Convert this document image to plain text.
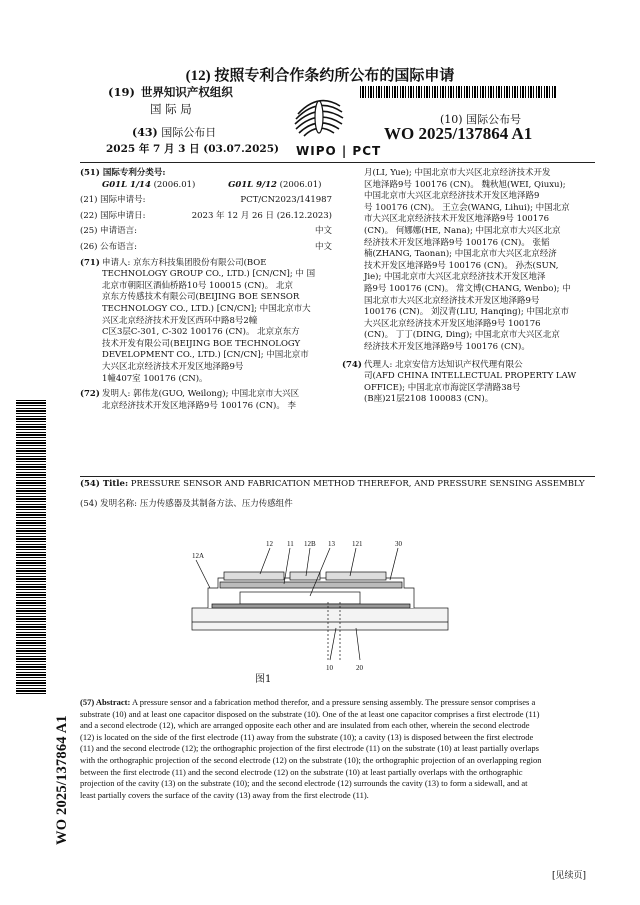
(12) 按照专利合作条约所公布的国际申请
(19) 世界知识产权组织
国 际 局
(43) 国际公布日
2025 年 7 月 3 日 (03.07.2025) WIPO | PCT
(10) 国际公布号
WO 2025/137864 A1
(51) 国际专利分类号:
G01L 1/14 (2006.01)	G01L 9/12 (2006.01)
(21) 国际申请号:	PCT/CN2023/141987
(22) 国际申请日:	2023 年 12 月 26 日 (26.12.2023)
(25) 申请语言:	中文
(26) 公布语言:	中文
(71) 申请人: 京东方科技集团股份有限公司(BOE
TECHNOLOGY GROUP CO., LTD.) [CN/CN]; 中 国
北京市朝阳区酒仙桥路10号 100015 (CN)。 北京
京东方传感技术有限公司(BEIJING BOE SENSOR
TECHNOLOGY CO., LTD.) [CN/CN]; 中国北京市大
兴区北京经济技术开发区西环中路8号2幢
C区3层C-301, C-302 100176 (CN)。 北京京东方
技术开发有限公司(BEIJING BOE TECHNOLOGY
DEVELOPMENT CO., LTD.) [CN/CN]; 中国北京市
大兴区北京经济技术开发区地泽路9号
1幢407室 100176 (CN)。
(72) 发明人: 郭伟龙(GUO, Weilong); 中国北京市大兴区
北京经济技术开发区地泽路9号 100176 (CN)。 李
月(LI, Yue); 中国北京市大兴区北京经济技术开发
区地泽路9号 100176 (CN)。 魏秋旭(WEI, Qiuxu);
中国北京市大兴区北京经济技术开发区地泽路9
号 100176 (CN)。 王立会(WANG, Lihui); 中国北京
市大兴区北京经济技术开发区地泽路9号 100176
(CN)。 何娜娜(HE, Nana); 中国北京市大兴区北京
经济技术开发区地泽路9号 100176 (CN)。 张韬
楠(ZHANG, Taonan); 中国北京市大兴区北京经济
技术开发区地泽路9号 100176 (CN)。 孙杰(SUN,
Jie); 中国北京市大兴区北京经济技术开发区地泽
路9号 100176 (CN)。 常文博(CHANG, Wenbo); 中
国北京市大兴区北京经济技术开发区地泽路9号
100176 (CN)。 刘汉青(LIU, Hanqing); 中国北京市
大兴区北京经济技术开发区地泽路9号 100176
(CN)。 丁丁(DING, Ding); 中国北京市大兴区北京
经济技术开发区地泽路9号 100176 (CN)。
(74) 代理人: 北京安信方达知识产权代理有限公
司(AFD CHINA INTELLECTUAL PROPERTY LAW
OFFICE); 中国北京市海淀区学清路38号
(B座)21层2108 100083 (CN)。
WO 2025/137864 A1
(54) Title: PRESSURE SENSOR AND FABRICATION METHOD THEREFOR, AND PRESSURE SENSING ASSEMBLY
(54) 发明名称: 压力传感器及其制备方法、压力传感组件
12A
12 11 12B 13 121	30
10	20
图1
(57) Abstract: A pressure sensor and a fabrication method therefor, and a pressure sensing assembly. The pressure sensor comprises a
substrate (10) and at least one capacitor disposed on the substrate (10). One of the at least one capacitor comprises a first electrode (11)
and a second electrode (12), which are arranged opposite each other and are insulated from each other, wherein the second electrode
(12) is located on the side of the first electrode (11) away from the substrate (10); a cavity (13) is disposed between the first electrode
(11) and the second electrode (12); the orthographic projection of the first electrode (11) on the substrate (10) at least partially overlaps
with the orthographic projection of the second electrode (12) on the substrate (10); the orthographic projection of an overlapping region
between the first electrode (11) and the second electrode (12) on the substrate (10) at least partially overlaps with the orthographic
projection of the cavity (13) on the substrate (10); and the second electrode (12) surrounds the cavity (13) to form a sidewall, and at
least partially covers the surface of the cavity (13) away from the first electrode (11).
[见续页]
